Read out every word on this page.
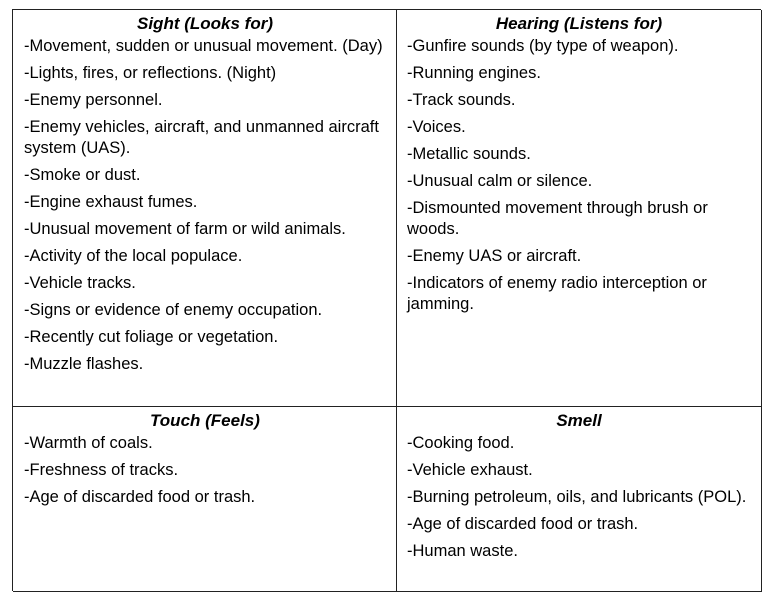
Sight (Looks for)
-Movement, sudden or unusual movement. (Day)
-Lights, fires, or reflections. (Night)
-Enemy personnel.
-Enemy vehicles, aircraft, and unmanned aircraft system (UAS).
-Smoke or dust.
-Engine exhaust fumes.
-Unusual movement of farm or wild animals.
-Activity of the local populace.
-Vehicle tracks.
-Signs or evidence of enemy occupation.
-Recently cut foliage or vegetation.
-Muzzle flashes.
Hearing (Listens for)
-Gunfire sounds (by type of weapon).
-Running engines.
-Track sounds.
-Voices.
-Metallic sounds.
-Unusual calm or silence.
-Dismounted movement through brush or woods.
-Enemy UAS or aircraft.
-Indicators of enemy radio interception or jamming.
Touch (Feels)
-Warmth of coals.
-Freshness of tracks.
-Age of discarded food or trash.
Smell
-Cooking food.
-Vehicle exhaust.
-Burning petroleum, oils, and lubricants (POL).
-Age of discarded food or trash.
-Human waste.
